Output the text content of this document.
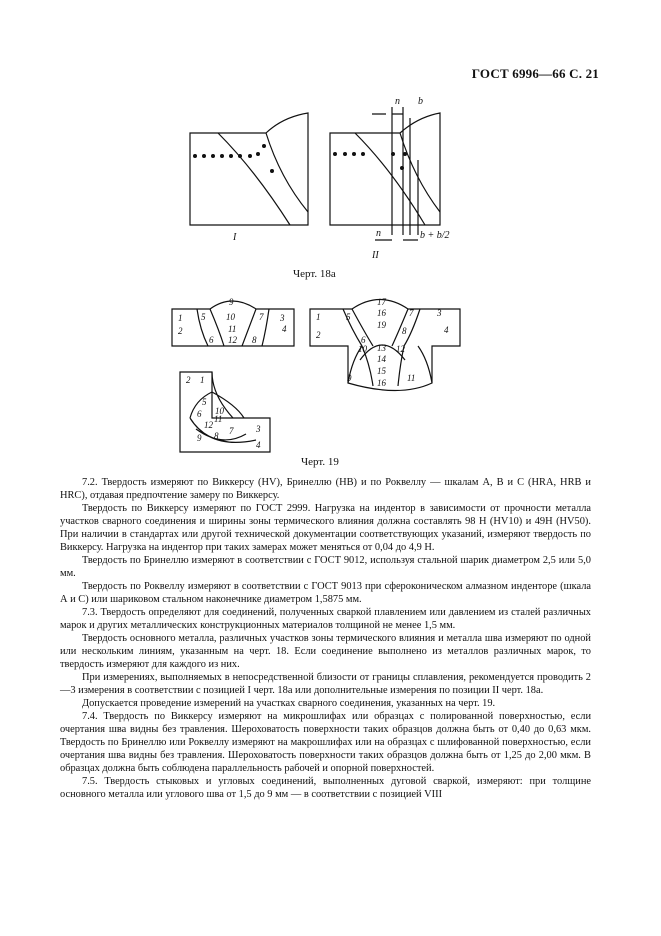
ГОСТ 6996—66 С. 21
I
II
n b
n	b + b/2
1
2
5
9
10
11
6 12
7
8
3
4
1
2
5
17
16
19
6
7
8
3
4
10 13
14
12
15
16
9	11
2 1
5
6 10
12
11
9 8 7	3
4
Черт. 18а
Черт. 19

7.2. Твердость измеряют по Виккерсу (HV), Бринеллю (HB) и по Роквеллу — шкалам A, B и C (HRA, HRB и HRC), отдавая предпочтение замеру по Виккерсу.

Твердость по Виккерсу измеряют по ГОСТ 2999. Нагрузка на индентор в зависимости от прочности металла участков сварного соединения и ширины зоны термического влияния должна составлять 98 Н (HV10) и 49Н (HV50). При наличии в стандартах или другой технической документации соответствующих указаний, измеряют твердость по Виккерсу. Нагрузка на индентор при таких замерах может меняться от 0,04 до 4,9 Н.

Твердость по Бринеллю измеряют в соответствии с ГОСТ 9012, используя стальной шарик диаметром 2,5 или 5,0 мм.

Твердость по Роквеллу измеряют в соответствии с ГОСТ 9013 при сфероконическом алмазном инденторе (шкала А и С) или шариковом стальном наконечнике диаметром 1,5875 мм.

7.3. Твердость определяют для соединений, полученных сваркой плавлением или давлением из сталей различных марок и других металлических конструкционных материалов толщиной не менее 1,5 мм.

Твердость основного металла, различных участков зоны термического влияния и металла шва измеряют по одной или нескольким линиям, указанным на черт. 18. Если соединение выполнено из металлов различных марок, то твердость измеряют для каждого из них.

При измерениях, выполняемых в непосредственной близости от границы сплавления, рекомендуется проводить 2—3 измерения в соответствии с позицией I черт. 18а или дополнительные измерения по позиции II черт. 18а.

Допускается проведение измерений на участках сварного соединения, указанных на черт. 19.

7.4. Твердость по Виккерсу измеряют на микрошлифах или образцах с полированной поверхностью, если очертания шва видны без травления. Шероховатость поверхности таких образцов должна быть от 0,40 до 0,63 мкм. Твердость по Бринеллю или Роквеллу измеряют на макрошлифах или на образцах с шлифованной поверхностью, если очертания шва видны без травления. Шероховатость поверхности таких образцов должна быть от 1,25 до 2,00 мкм. В образцах должна быть соблюдена параллельность рабочей и опорной поверхностей.

7.5. Твердость стыковых и угловых соединений, выполненных дуговой сваркой, измеряют: при толщине основного металла или углового шва от 1,5 до 9 мм — в соответствии с позицией VIII
